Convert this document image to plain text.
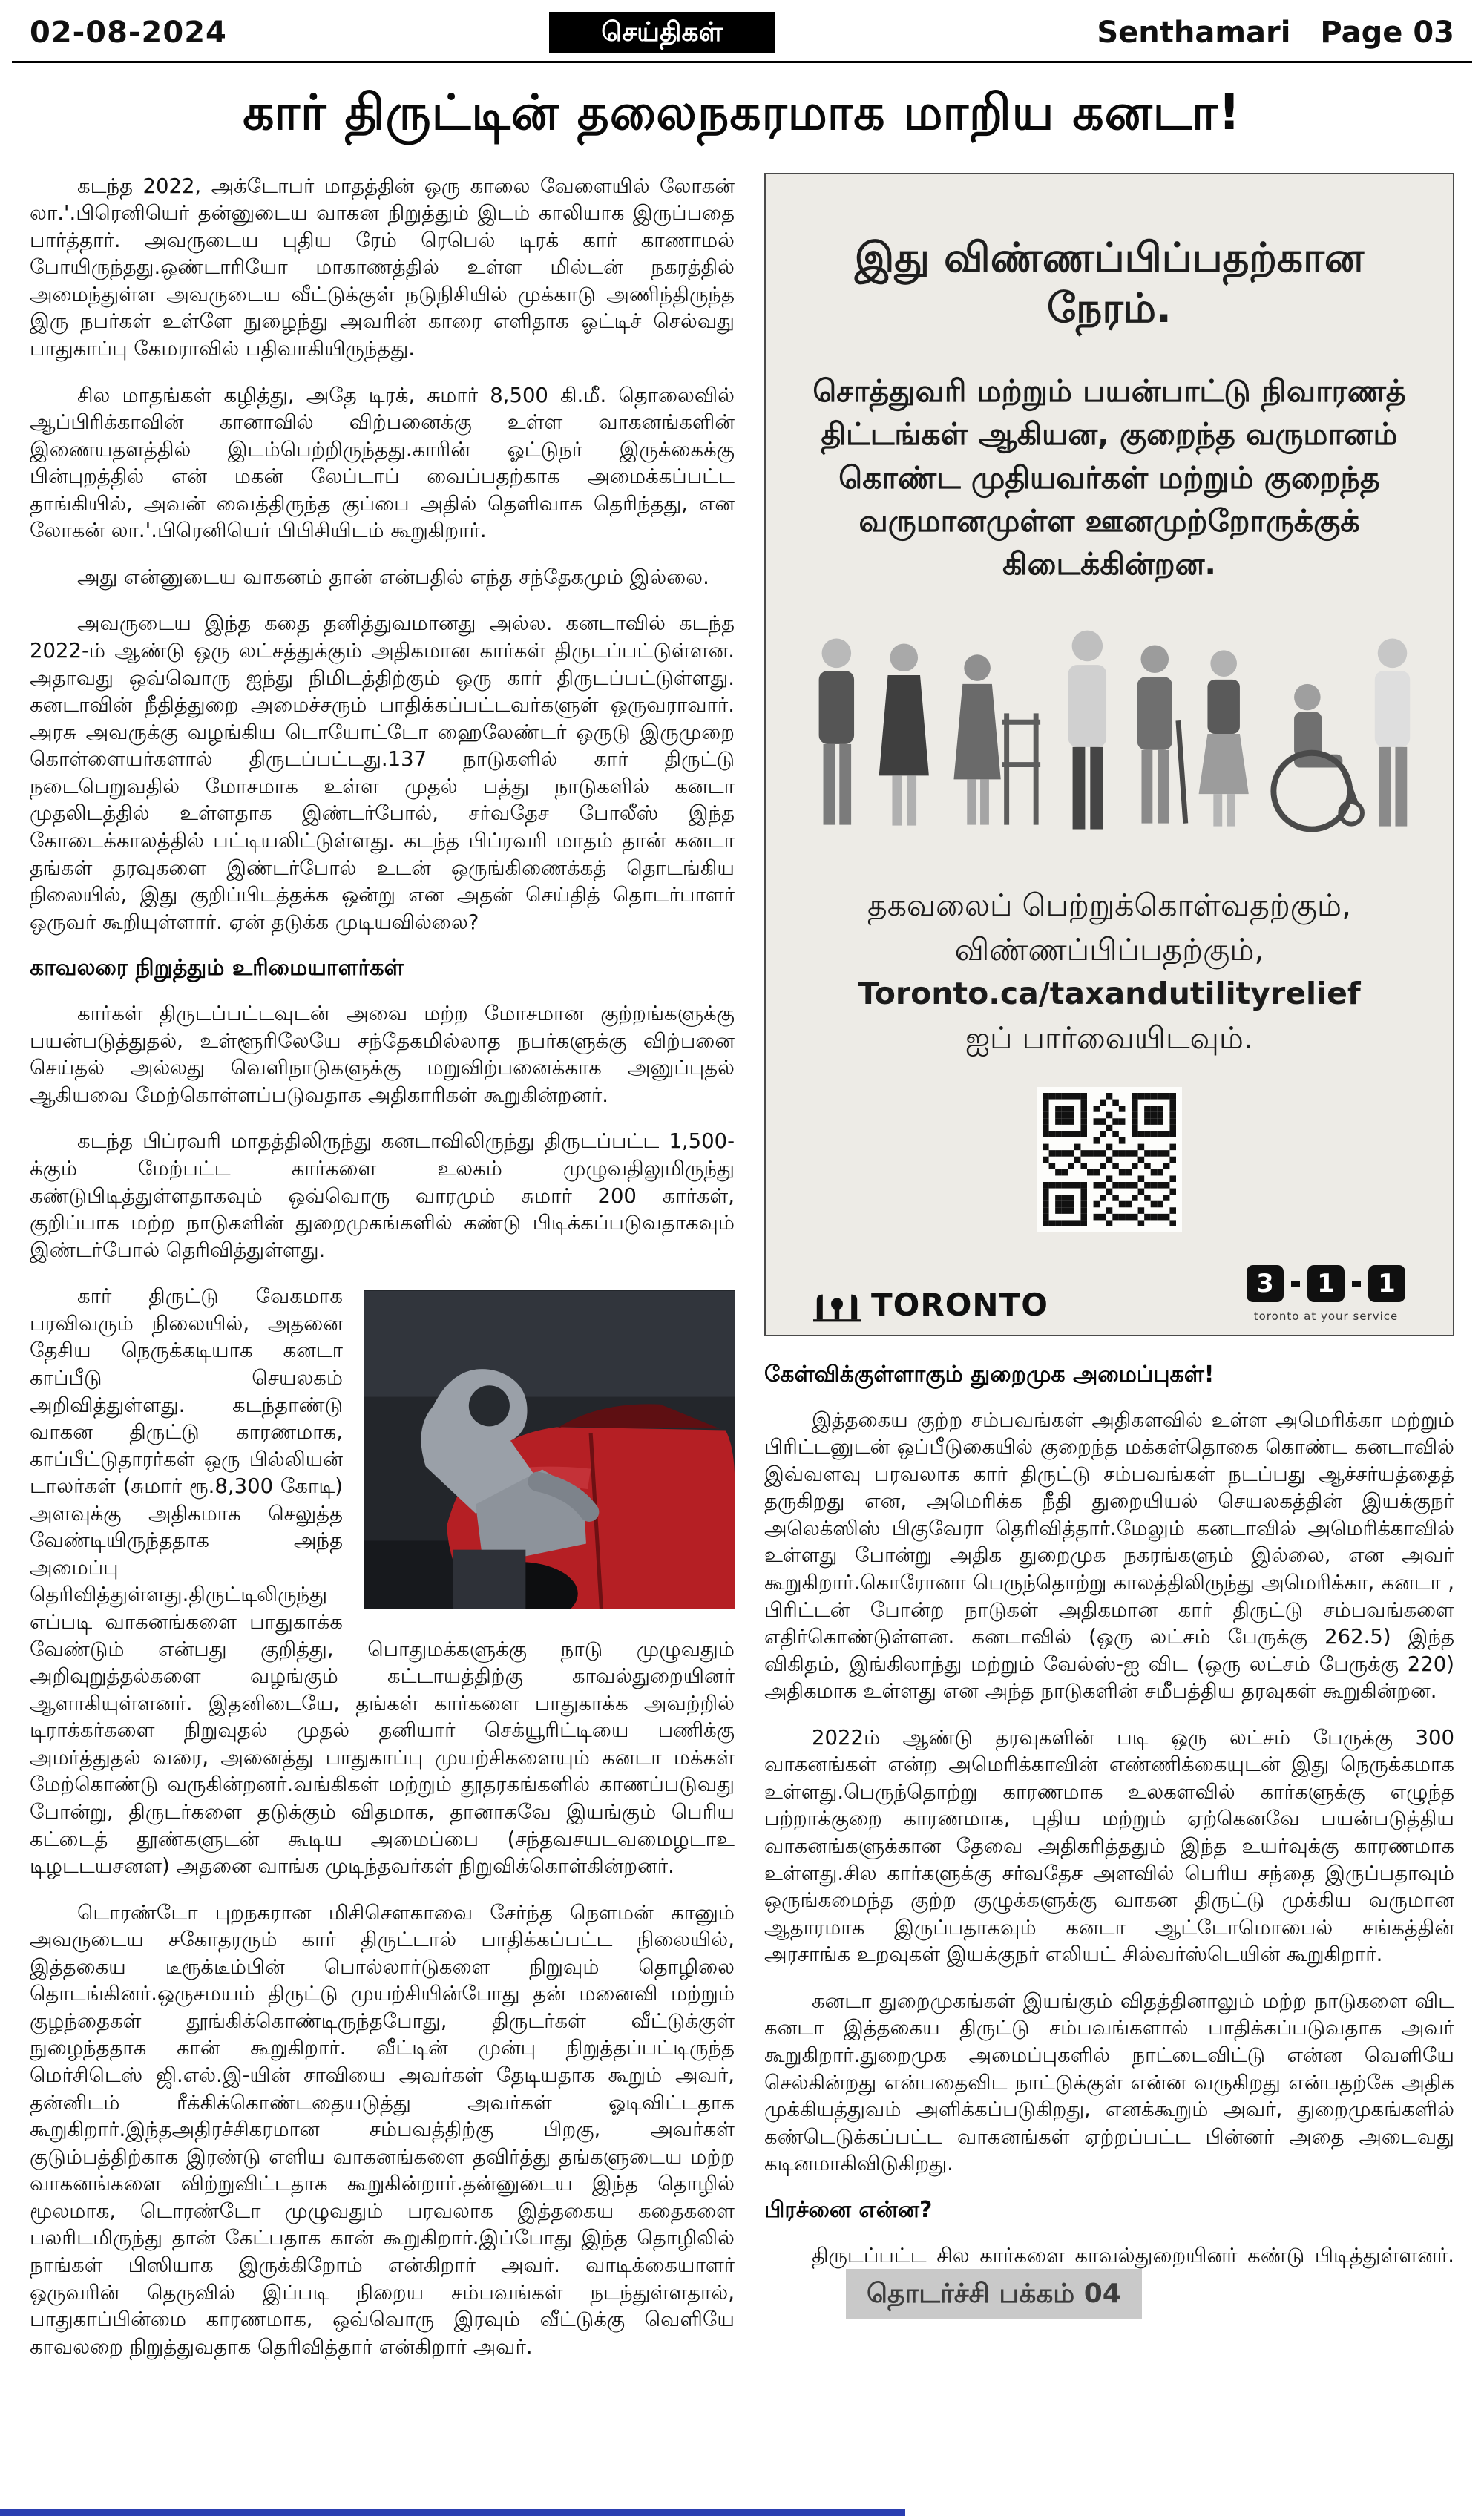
02-08-2024	செய்திகள்	Senthamari Page 03
கார் திருட்டின் தலைநகரமாக மாறிய கனடா!

கடந்த 2022, அக்டோபர் மாதத்தின் ஒரு காலை வேளையில் லோகன் லா.'.பிரெனியெர் தன்னுடைய வாகன நிறுத்தும் இடம் காலியாக இருப்பதை பார்த்தார். அவருடைய புதிய ரேம் ரெபெல் டிரக் கார் காணாமல் போயிருந்தது.ஒண்டாரியோ மாகாணத்தில் உள்ள மில்டன் நகரத்தில் அமைந்துள்ள அவருடைய வீட்டுக்குள் நடுநிசியில் முக்காடு அணிந்திருந்த இரு நபர்கள் உள்ளே நுழைந்து அவரின் காரை எளிதாக ஓட்டிச் செல்வது பாதுகாப்பு கேமராவில் பதிவாகியிருந்தது.

சில மாதங்கள் கழித்து, அதே டிரக், சுமார் 8,500 கி.மீ. தொலைவில் ஆப்பிரிக்காவின் கானாவில் விற்பனைக்கு உள்ள வாகனங்களின் இணையதளத்தில் இடம்பெற்றிருந்தது.காரின் ஓட்டுநர் இருக்கைக்கு பின்புறத்தில் என் மகன் லேப்டாப் வைப்பதற்காக அமைக்கப்பட்ட தாங்கியில், அவன் வைத்திருந்த குப்பை அதில் தெளிவாக தெரிந்தது, என லோகன் லா.'.பிரெனியெர் பிபிசியிடம் கூறுகிறார்.

அது என்னுடைய வாகனம் தான் என்பதில் எந்த சந்தேகமும் இல்லை.

அவருடைய இந்த கதை தனித்துவமானது அல்ல. கனடாவில் கடந்த 2022-ம் ஆண்டு ஒரு லட்சத்துக்கும் அதிகமான கார்கள் திருடப்பட்டுள்ளன. அதாவது ஒவ்வொரு ஐந்து நிமிடத்திற்கும் ஒரு கார் திருடப்பட்டுள்ளது. கனடாவின் நீதித்துறை அமைச்சரும் பாதிக்கப்பட்டவர்களுள் ஒருவராவார். அரசு அவருக்கு வழங்கிய டொயோட்டோ ஹைலேண்டர் ஒருடு இருமுறை கொள்ளையர்களால் திருடப்பட்டது.137 நாடுகளில் கார் திருட்டு நடைபெறுவதில் மோசமாக உள்ள முதல் பத்து நாடுகளில் கனடா முதலிடத்தில் உள்ளதாக இண்டர்போல், சர்வதேச போலீஸ் இந்த கோடைக்காலத்தில் பட்டியலிட்டுள்ளது. கடந்த பிப்ரவரி மாதம் தான் கனடா தங்கள் தரவுகளை இண்டர்போல் உடன் ஒருங்கிணைக்கத் தொடங்கிய நிலையில், இது குறிப்பிடத்தக்க ஒன்று என அதன் செய்தித் தொடர்பாளர் ஒருவர் கூறியுள்ளார். ஏன் தடுக்க முடியவில்லை?

காவலரை நிறுத்தும் உரிமையாளர்கள்

கார்கள் திருடப்பட்டவுடன் அவை மற்ற மோசமான குற்றங்களுக்கு பயன்படுத்துதல், உள்ளூரிலேயே சந்தேகமில்லாத நபர்களுக்கு விற்பனை செய்தல் அல்லது வெளிநாடுகளுக்கு மறுவிற்பனைக்காக அனுப்புதல் ஆகியவை மேற்கொள்ளப்படுவதாக அதிகாரிகள் கூறுகின்றனர்.

கடந்த பிப்ரவரி மாதத்திலிருந்து கனடாவிலிருந்து திருடப்பட்ட 1,500-க்கும் மேற்பட்ட கார்களை உலகம் முழுவதிலுமிருந்து கண்டுபிடித்துள்ளதாகவும் ஒவ்வொரு வாரமும் சுமார் 200 கார்கள், குறிப்பாக மற்ற நாடுகளின் துறைமுகங்களில் கண்டு பிடிக்கப்படுவதாகவும் இண்டர்போல் தெரிவித்துள்ளது.

கார் திருட்டு வேகமாக பரவிவரும் நிலையில், அதனை தேசிய நெருக்கடியாக கனடா காப்பீடு செயலகம் அறிவித்துள்ளது. கடந்தாண்டு வாகன திருட்டு காரணமாக, காப்பீட்டுதாரர்கள் ஒரு பில்லியன் டாலர்கள் (சுமார் ரூ.8,300 கோடி) அளவுக்கு அதிகமாக செலுத்த வேண்டியிருந்ததாக அந்த அமைப்பு தெரிவித்துள்ளது.திருட்டிலிருந்து எப்படி வாகனங்களை பாதுகாக்க வேண்டும் என்பது குறித்து, பொதுமக்களுக்கு நாடு முழுவதும் அறிவுறுத்தல்களை வழங்கும் கட்டாயத்திற்கு காவல்துறையினர் ஆளாகியுள்ளனர். இதனிடையே, தங்கள் கார்களை பாதுகாக்க அவற்றில் டிராக்கர்களை நிறுவுதல் முதல் தனியார் செக்யூரிட்டியை பணிக்கு அமர்த்துதல் வரை, அனைத்து பாதுகாப்பு முயற்சிகளையும் கனடா மக்கள் மேற்கொண்டு வருகின்றனர்.வங்கிகள் மற்றும் தூதரகங்களில் காணப்படுவது போன்று, திருடர்களை தடுக்கும் விதமாக, தானாகவே இயங்கும் பெரிய கட்டைத் தூண்களுடன் கூடிய அமைப்பை (சந்தவசயடவமைழடாஉ டிழடடயசனள) அதனை வாங்க முடிந்தவர்கள் நிறுவிக்கொள்கின்றனர்.

டொரண்டோ புறநகரான மிசிசௌகாவை சேர்ந்த நௌமன் கானும் அவருடைய சகோதரரும் கார் திருட்டால் பாதிக்கப்பட்ட நிலையில், இத்தகைய டீரூக்டீம்பின் பொல்லார்டுகளை நிறுவும் தொழிலை தொடங்கினர்.ஒருசமயம் திருட்டு முயற்சியின்போது தன் மனைவி மற்றும் குழந்தைகள் தூங்கிக்கொண்டிருந்தபோது, திருடர்கள் வீட்டுக்குள் நுழைந்ததாக கான் கூறுகிறார். வீட்டின் முன்பு நிறுத்தப்பட்டிருந்த மெர்சிடெஸ் ஜி.எல்.இ-யின் சாவியை அவர்கள் தேடியதாக கூறும் அவர், தன்னிடம் ரீக்கிக்கொண்டதையடுத்து அவர்கள் ஓடிவிட்டதாக கூறுகிறார்.இந்தஅதிரச்சிகரமான சம்பவத்திற்கு பிறகு, அவர்கள் குடும்பத்திற்காக இரண்டு எளிய வாகனங்களை தவிர்த்து தங்களுடைய மற்ற வாகனங்களை விற்றுவிட்டதாக கூறுகின்றார்.தன்னுடைய இந்த தொழில் மூலமாக, டொரண்டோ முழுவதும் பரவலாக இத்தகைய கதைகளை பலரிடமிருந்து தான் கேட்பதாக கான் கூறுகிறார்.இப்போது இந்த தொழிலில் நாங்கள் பிஸியாக இருக்கிறோம் என்கிறார் அவர். வாடிக்கையாளர் ஒருவரின் தெருவில் இப்படி நிறைய சம்பவங்கள் நடந்துள்ளதால், பாதுகாப்பின்மை காரணமாக, ஒவ்வொரு இரவும் வீட்டுக்கு வெளியே காவலறை நிறுத்துவதாக தெரிவித்தார் என்கிறார் அவர்.

இது விண்ணப்பிப்பதற்கான நேரம்.
சொத்துவரி மற்றும் பயன்பாட்டு நிவாரணத் திட்டங்கள் ஆகியன, குறைந்த வருமானம் கொண்ட முதியவர்கள் மற்றும் குறைந்த வருமானமுள்ள ஊனமுற்றோருக்குக் கிடைக்கின்றன.
தகவலைப் பெற்றுக்கொள்வதற்கும்,
விண்ணப்பிப்பதற்கும்,
Toronto.ca/taxandutilityrelief
ஐப் பார்வையிடவும்.
TORONTO
3	1	1
toronto at your service
கேள்விக்குள்ளாகும் துறைமுக அமைப்புகள்!

இத்தகைய குற்ற சம்பவங்கள் அதிகளவில் உள்ள அமெரிக்கா மற்றும் பிரிட்டனுடன் ஒப்பீடுகையில் குறைந்த மக்கள்தொகை கொண்ட கனடாவில் இவ்வளவு பரவலாக கார் திருட்டு சம்பவங்கள் நடப்பது ஆச்சர்யத்தைத் தருகிறது என, அமெரிக்க நீதி துறையியல் செயலகத்தின் இயக்குநர் அலெக்ஸிஸ் பிகுவேரா தெரிவித்தார்.மேலும் கனடாவில் அமெரிக்காவில் உள்ளது போன்று அதிக துறைமுக நகரங்களும் இல்லை, என அவர் கூறுகிறார்.கொரோனா பெருந்தொற்று காலத்திலிருந்து அமெரிக்கா, கனடா , பிரிட்டன் போன்ற நாடுகள் அதிகமான கார் திருட்டு சம்பவங்களை எதிர்கொண்டுள்ளன. கனடாவில் (ஒரு லட்சம் பேருக்கு 262.5) இந்த விகிதம், இங்கிலாந்து மற்றும் வேல்ஸ்-ஐ விட (ஒரு லட்சம் பேருக்கு 220) அதிகமாக உள்ளது என அந்த நாடுகளின் சமீபத்திய தரவுகள் கூறுகின்றன.

2022ம் ஆண்டு தரவுகளின் படி ஒரு லட்சம் பேருக்கு 300 வாகனங்கள் என்ற அமெரிக்காவின் எண்ணிக்கையுடன் இது நெருக்கமாக உள்ளது.பெருந்தொற்று காரணமாக உலகளவில் கார்களுக்கு எழுந்த பற்றாக்குறை காரணமாக, புதிய மற்றும் ஏற்கெனவே பயன்படுத்திய வாகனங்களுக்கான தேவை அதிகரித்ததும் இந்த உயர்வுக்கு காரணமாக உள்ளது.சில கார்களுக்கு சர்வதேச அளவில் பெரிய சந்தை இருப்பதாவும் ஒருங்கமைந்த குற்ற குழுக்களுக்கு வாகன திருட்டு முக்கிய வருமான ஆதாரமாக இருப்பதாகவும் கனடா ஆட்டோமொபைல் சங்கத்தின் அரசாங்க உறவுகள் இயக்குநர் எலியட் சில்வர்ஸ்டெயின் கூறுகிறார்.

கனடா துறைமுகங்கள் இயங்கும் விதத்தினாலும் மற்ற நாடுகளை விட கனடா இத்தகைய திருட்டு சம்பவங்களால் பாதிக்கப்படுவதாக அவர் கூறுகிறார்.துறைமுக அமைப்புகளில் நாட்டைவிட்டு என்ன வெளியே செல்கின்றது என்பதைவிட நாட்டுக்குள் என்ன வருகிறது என்பதற்கே அதிக முக்கியத்துவம் அளிக்கப்படுகிறது, எனக்கூறும் அவர், துறைமுகங்களில் கண்டெடுக்கப்பட்ட வாகனங்கள் ஏற்றப்பட்ட பின்னர் அதை அடைவது கடினமாகிவிடுகிறது.

பிரச்னை என்ன?

திருடப்பட்ட சில கார்களை காவல்துறையினர் கண்டு பிடித்துள்ளனர். தொடர்ச்சி பக்கம் 04
